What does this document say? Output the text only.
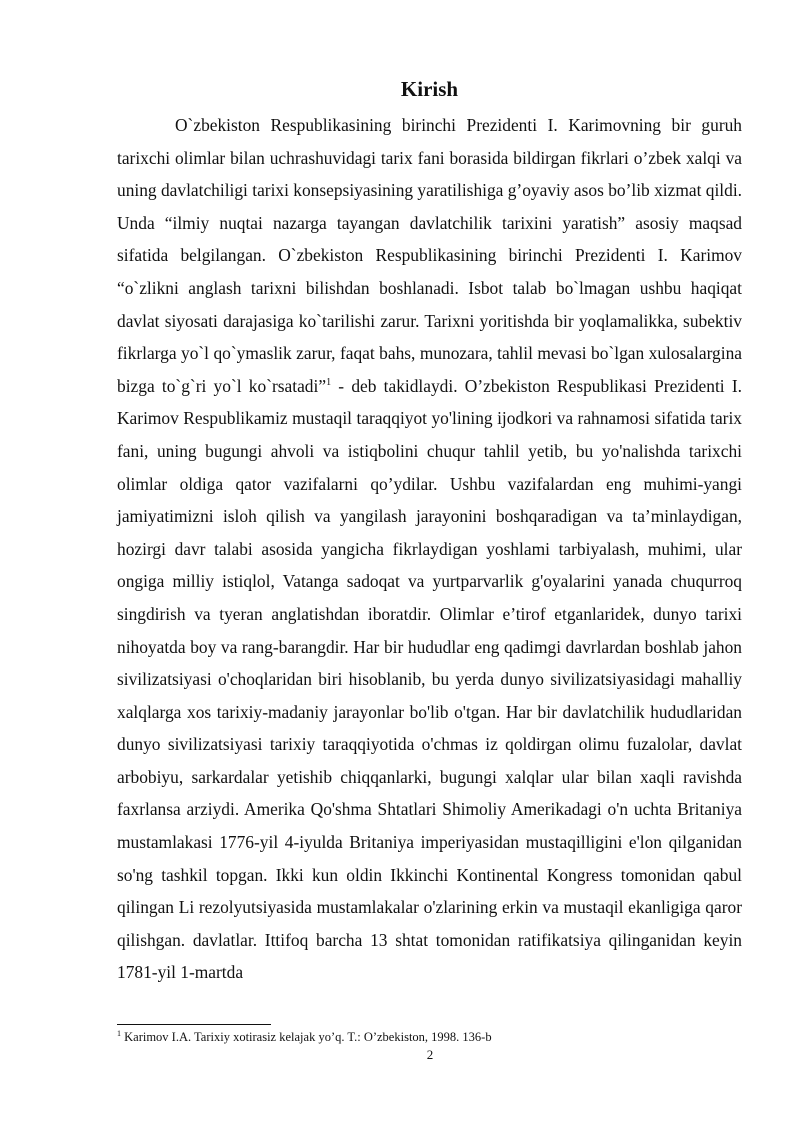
Kirish

O`zbekiston Respublikasining birinchi Prezidenti I. Karimovning bir guruh tarixchi olimlar bilan uchrashuvidagi tarix fani borasida bildirgan fikrlari o’zbek xalqi va uning davlatchiligi tarixi konsepsiyasining yaratilishiga g’oyaviy asos bo’lib xizmat qildi. Unda “ilmiy nuqtai nazarga tayangan davlatchilik tarixini yaratish” asosiy maqsad sifatida belgilangan. O`zbekiston Respublikasining birinchi Prezidenti I. Karimov “o`zlikni anglash tarixni bilishdan boshlanadi. Isbot talab bo`lmagan ushbu haqiqat davlat siyosati darajasiga ko`tarilishi zarur. Tarixni yoritishda bir yoqlamalikka, subektiv fikrlarga yo`l qo`ymaslik zarur, faqat bahs, munozara, tahlil mevasi bo`lgan xulosalargina bizga to`g`ri yo`l ko`rsatadi”$^1$ - deb takidlaydi. O’zbekiston Respublikasi Prezidenti I. Karimov Respublikamiz mustaqil taraqqiyot yo'lining ijodkori va rahnamosi sifatida tarix fani, uning bugungi ahvoli va istiqbolini chuqur tahlil yetib, bu yo'nalishda tarixchi olimlar oldiga qator vazifalarni qo’ydilar. Ushbu vazifalardan eng muhimi-yangi jamiyatimizni isloh qilish va yangilash jarayonini boshqaradigan va ta’minlaydigan, hozirgi davr talabi asosida yangicha fikrlaydigan yoshlami tarbiyalash, muhimi, ular ongiga milliy istiqlol, Vatanga sadoqat va yurtparvarlik g'oyalarini yanada chuqurroq singdirish va tyeran anglatishdan iboratdir. Olimlar e’tirof etganlaridek, dunyo tarixi nihoyatda boy va rang-barangdir. Har bir hududlar eng qadimgi davrlardan boshlab jahon sivilizatsiyasi o'choqlaridan biri hisoblanib, bu yerda dunyo sivilizatsiyasidagi mahalliy xalqlarga xos tarixiy-madaniy jarayonlar bo'lib o'tgan. Har bir davlatchilik hududlaridan dunyo sivilizatsiyasi tarixiy taraqqiyotida o'chmas iz qoldirgan olimu fuzalolar, davlat arbobiyu, sarkardalar yetishib chiqqanlarki, bugungi xalqlar ular bilan xaqli ravishda faxrlansa arziydi. Amerika Qo'shma Shtatlari Shimoliy Amerikadagi o'n uchta Britaniya mustamlakasi 1776-yil 4-iyulda Britaniya imperiyasidan mustaqilligini e'lon qilganidan so'ng tashkil topgan. Ikki kun oldin Ikkinchi Kontinental Kongress tomonidan qabul qilingan Li rezolyutsiyasida mustamlakalar o'zlarining erkin va mustaqil ekanligiga qaror qilishgan. davlatlar. Ittifoq barcha 13 shtat tomonidan ratifikatsiya qilinganidan keyin 1781-yil 1-martda

$^1$ Karimov I.A. Tarixiy xotirasiz kelajak yo’q. T.: O’zbekiston, 1998. 136-b
2
